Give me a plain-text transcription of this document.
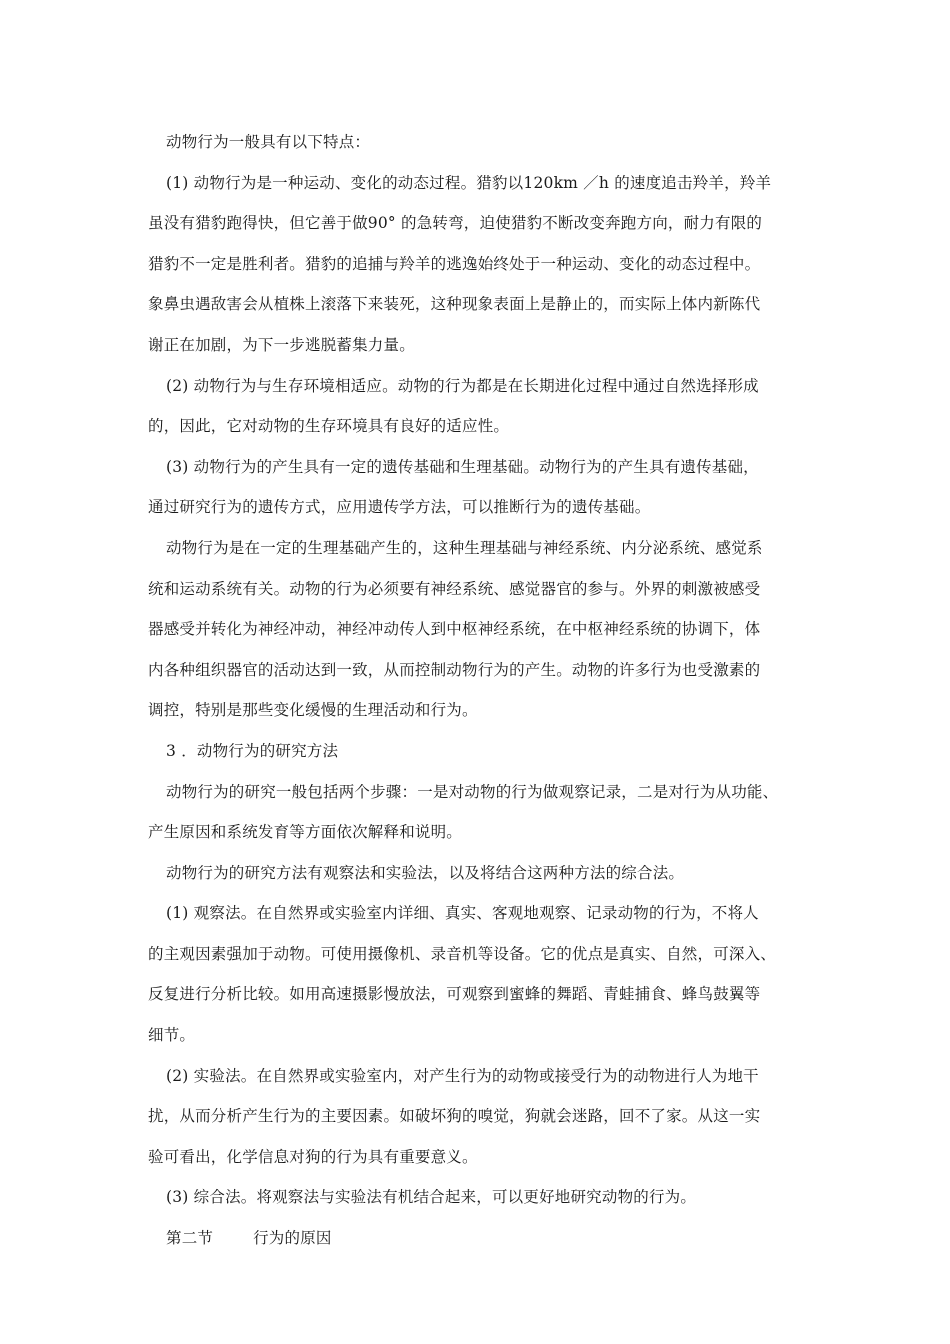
动物行为一般具有以下特点：
(1) 动物行为是一种运动、变化的动态过程。猎豹以120km ／h 的速度追击羚羊，羚羊
虽没有猎豹跑得快，但它善于做90° 的急转弯，迫使猎豹不断改变奔跑方向，耐力有限的
猎豹不一定是胜利者。猎豹的追捕与羚羊的逃逸始终处于一种运动、变化的动态过程中。
象鼻虫遇敌害会从植株上滚落下来装死，这种现象表面上是静止的，而实际上体内新陈代
谢正在加剧，为下一步逃脱蓄集力量。
(2) 动物行为与生存环境相适应。动物的行为都是在长期进化过程中通过自然选择形成
的，因此，它对动物的生存环境具有良好的适应性。
(3) 动物行为的产生具有一定的遗传基础和生理基础。动物行为的产生具有遗传基础，
通过研究行为的遗传方式，应用遗传学方法，可以推断行为的遗传基础。
动物行为是在一定的生理基础产生的，这种生理基础与神经系统、内分泌系统、感觉系
统和运动系统有关。动物的行为必须要有神经系统、感觉器官的参与。外界的刺激被感受
器感受并转化为神经冲动，神经冲动传人到中枢神经系统，在中枢神经系统的协调下，体
内各种组织器官的活动达到一致，从而控制动物行为的产生。动物的许多行为也受激素的
调控，特别是那些变化缓慢的生理活动和行为。
3 ．动物行为的研究方法
动物行为的研究一般包括两个步骤：一是对动物的行为做观察记录，二是对行为从功能、
产生原因和系统发育等方面依次解释和说明。
动物行为的研究方法有观察法和实验法，以及将结合这两种方法的综合法。
(1) 观察法。在自然界或实验室内详细、真实、客观地观察、记录动物的行为，不将人
的主观因素强加于动物。可使用摄像机、录音机等设备。它的优点是真实、自然，可深入、
反复进行分析比较。如用高速摄影慢放法，可观察到蜜蜂的舞蹈、青蛙捕食、蜂鸟鼓翼等
细节。
(2) 实验法。在自然界或实验室内，对产生行为的动物或接受行为的动物进行人为地干
扰，从而分析产生行为的主要因素。如破坏狗的嗅觉，狗就会迷路，回不了家。从这一实
验可看出，化学信息对狗的行为具有重要意义。
(3) 综合法。将观察法与实验法有机结合起来，可以更好地研究动物的行为。
第二节	行为的原因
